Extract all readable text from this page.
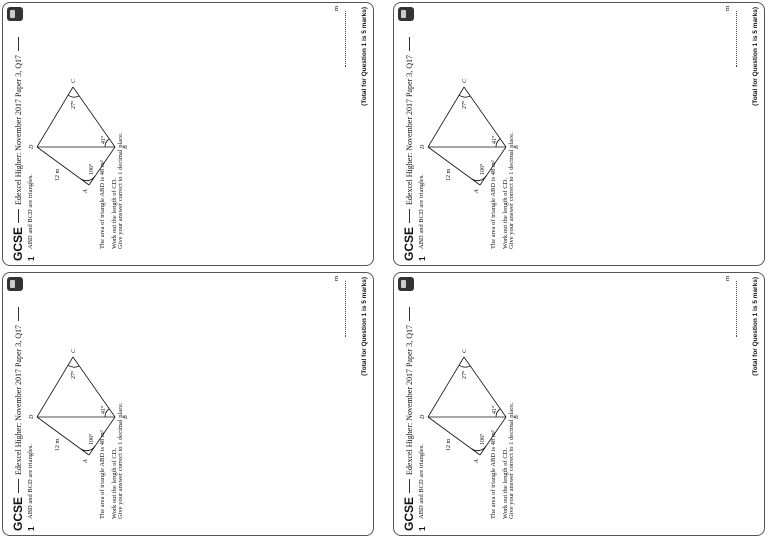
GCSE
Edexcel Higher: November 2017 Paper 3, Q17
1
ABD and BCD are triangles.	A
B
C
D
12 m	106°
41°
27°
The area of triangle ABD is 48 m² Work out the length of CD. Give your answer correct to 1 decimal place.
m	(Total for Question 1 is 5 marks)
GCSE
Edexcel Higher: November 2017 Paper 3, Q17
1
ABD and BCD are triangles.	A
B
C
D
12 m	106°
41°
27°
The area of triangle ABD is 48 m² Work out the length of CD. Give your answer correct to 1 decimal place.
m	(Total for Question 1 is 5 marks)
GCSE
Edexcel Higher: November 2017 Paper 3, Q17
1
ABD and BCD are triangles.	A
B
C
D
12 m	106°
41°
27°
The area of triangle ABD is 48 m² Work out the length of CD. Give your answer correct to 1 decimal place.
m	(Total for Question 1 is 5 marks)
GCSE
Edexcel Higher: November 2017 Paper 3, Q17
1
ABD and BCD are triangles.	A
B
C
D
12 m	106°
41°
27°
The area of triangle ABD is 48 m² Work out the length of CD. Give your answer correct to 1 decimal place.
m	(Total for Question 1 is 5 marks)
